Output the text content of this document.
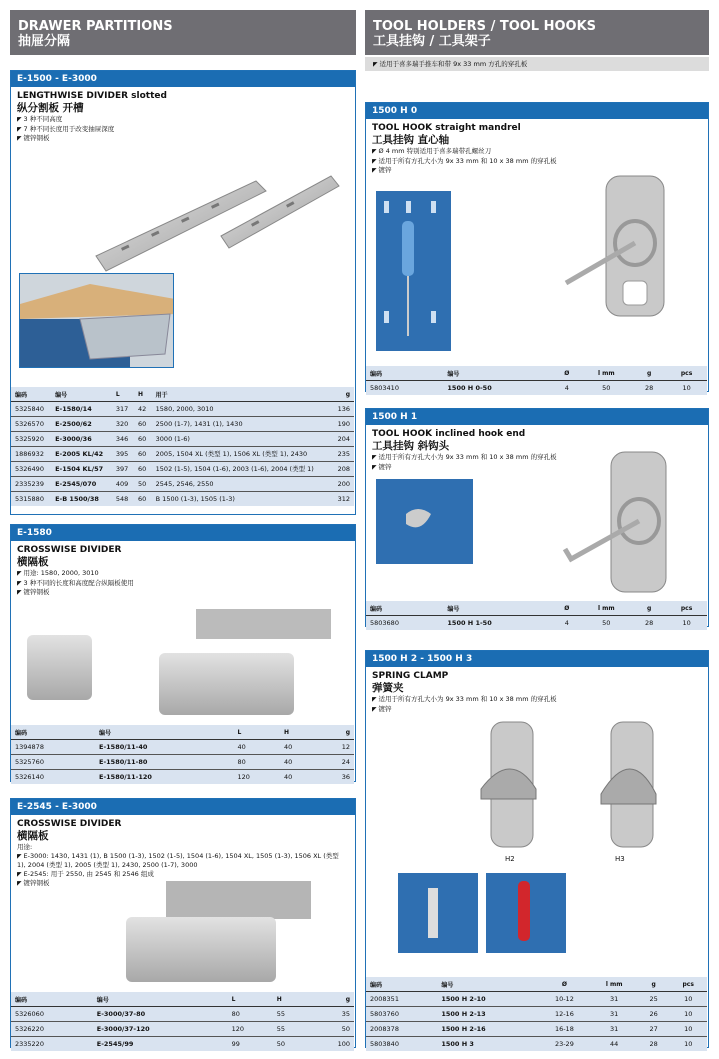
DRAWER PARTITIONS
抽屉分隔
E-1500 - E-3000
LENGTHWISE DIVIDER slotted
纵分割板 开槽
◤ 3 种不同高度
◤ 7 种不同长度用于改变抽屉深度
◤ 镀锌钢板
编码	编号	L	H	用于	g
5325840	E-1580/14	317	42	1580, 2000, 3010	136
5326570	E-2500/62	320	60	2500 (1-7), 1431 (1), 1430	190
5325920	E-3000/36	346	60	3000 (1-6)	204
1886932	E-2005 KL/42	395	60	2005, 1504 XL (类型 1), 1506 XL (类型 1), 2430	235
5326490	E-1504 KL/57	397	60	1502 (1-5), 1504 (1-6), 2003 (1-6), 2004 (类型 1)	208
2335239	E-2545/070	409	50	2545, 2546, 2550	200
5315880	E-B 1500/38	548	60	B 1500 (1-3), 1505 (1-3)	312
E-1580
CROSSWISE DIVIDER
横隔板
◤ 用途: 1580, 2000, 3010
◤ 3 种不同的长度和高度配合纵隔板使用
◤ 镀锌钢板
编码	编号	L	H	g
1394878	E-1580/11-40	40	40	12
5325760	E-1580/11-80	80	40	24
5326140	E-1580/11-120	120	40	36
E-2545 - E-3000
CROSSWISE DIVIDER
横隔板
用途:
◤ E-3000: 1430, 1431 (1), B 1500 (1-3), 1502 (1-5), 1504 (1-6), 1504 XL, 1505 (1-3), 1506 XL (类型 1), 2004 (类型 1), 2005 (类型 1), 2430, 2500 (1-7), 3000
◤ E-2545: 用于 2550, 由 2545 和 2546 组成
◤ 镀锌钢板
编码	编号	L	H	g
5326060	E-3000/37-80	80	55	35
5326220	E-3000/37-120	120	55	50
2335220	E-2545/99	99	50	100
TOOL HOLDERS / TOOL HOOKS
工具挂钩 / 工具架子
◤ 适用于喜多瑞手推车和带 9x 33 mm 方孔的穿孔板
1500 H 0
TOOL HOOK straight mandrel
工具挂钩 直心轴
◤ Ø 4 mm 特别适用于喜多瑞带孔螺丝刀
◤ 适用于所有方孔大小为 9x 33 mm 和 10 x 38 mm 的穿孔板
◤ 镀锌
编码	编号	Ø	l mm	g	pcs
5803410	1500 H 0-50	4	50	28	10
1500 H 1
TOOL HOOK inclined hook end
工具挂钩 斜钩头
◤ 适用于所有方孔大小为 9x 33 mm 和 10 x 38 mm 的穿孔板
◤ 镀锌
编码	编号	Ø	l mm	g	pcs
5803680	1500 H 1-50	4	50	28	10
1500 H 2 - 1500 H 3
SPRING CLAMP
弹簧夹
◤ 适用于所有方孔大小为 9x 33 mm 和 10 x 38 mm 的穿孔板
◤ 镀锌
H2	H3
编码	编号	Ø	l mm	g	pcs
2008351	1500 H 2-10	10-12	31	25	10
5803760	1500 H 2-13	12-16	31	26	10
2008378	1500 H 2-16	16-18	31	27	10
5803840	1500 H 3	23-29	44	28	10
